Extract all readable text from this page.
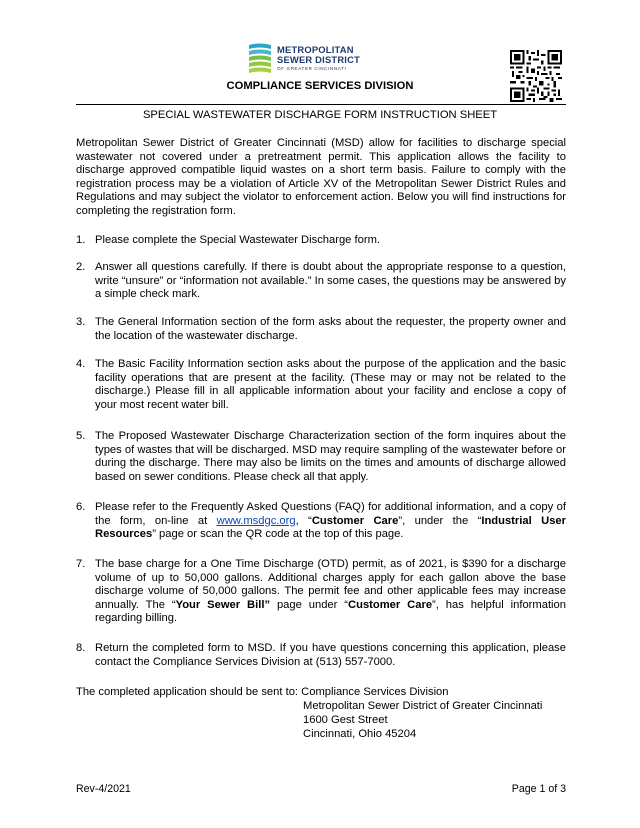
METROPOLITAN
SEWER DISTRICT
OF GREATER CINCINNATI
COMPLIANCE SERVICES DIVISION
SPECIAL WASTEWATER DISCHARGE FORM INSTRUCTION SHEET

Metropolitan Sewer District of Greater Cincinnati (MSD) allow for facilities to discharge special wastewater not covered under a pretreatment permit. This application allows the facility to discharge approved compatible liquid wastes on a short term basis. Failure to comply with the registration process may be a violation of Article XV of the Metropolitan Sewer District Rules and Regulations and may subject the violator to enforcement action. Below you will find instructions for completing the registration form.

1. Please complete the Special Wastewater Discharge form.
2. Answer all questions carefully. If there is doubt about the appropriate response to a question, write “unsure” or “information not available.” In some cases, the questions may be answered by a simple check mark.
3. The General Information section of the form asks about the requester, the property owner and the location of the wastewater discharge.
4. The Basic Facility Information section asks about the purpose of the application and the basic facility operations that are present at the facility. (These may or may not be related to the discharge.) Please fill in all applicable information about your facility and enclose a copy of your most recent water bill.
5. The Proposed Wastewater Discharge Characterization section of the form inquires about the types of wastes that will be discharged. MSD may require sampling of the wastewater before or during the discharge. There may also be limits on the times and amounts of discharge allowed based on sewer conditions. Please check all that apply.
6. Please refer to the Frequently Asked Questions (FAQ) for additional information, and a copy of the form, on-line at www.msdgc.org, “Customer Care”, under the “Industrial User Resources” page or scan the QR code at the top of this page.
7. The base charge for a One Time Discharge (OTD) permit, as of 2021, is $390 for a discharge volume of up to 50,000 gallons. Additional charges apply for each gallon above the base discharge volume of 50,000 gallons. The permit fee and other applicable fees may increase annually. The “Your Sewer Bill” page under “Customer Care”, has helpful information regarding billing.
8. Return the completed form to MSD. If you have questions concerning this application, please contact the Compliance Services Division at (513) 557-7000.
The completed application should be sent to: Compliance Services Division
Metropolitan Sewer District of Greater Cincinnati
1600 Gest Street
Cincinnati, Ohio 45204
Rev-4/2021	Page 1 of 3
